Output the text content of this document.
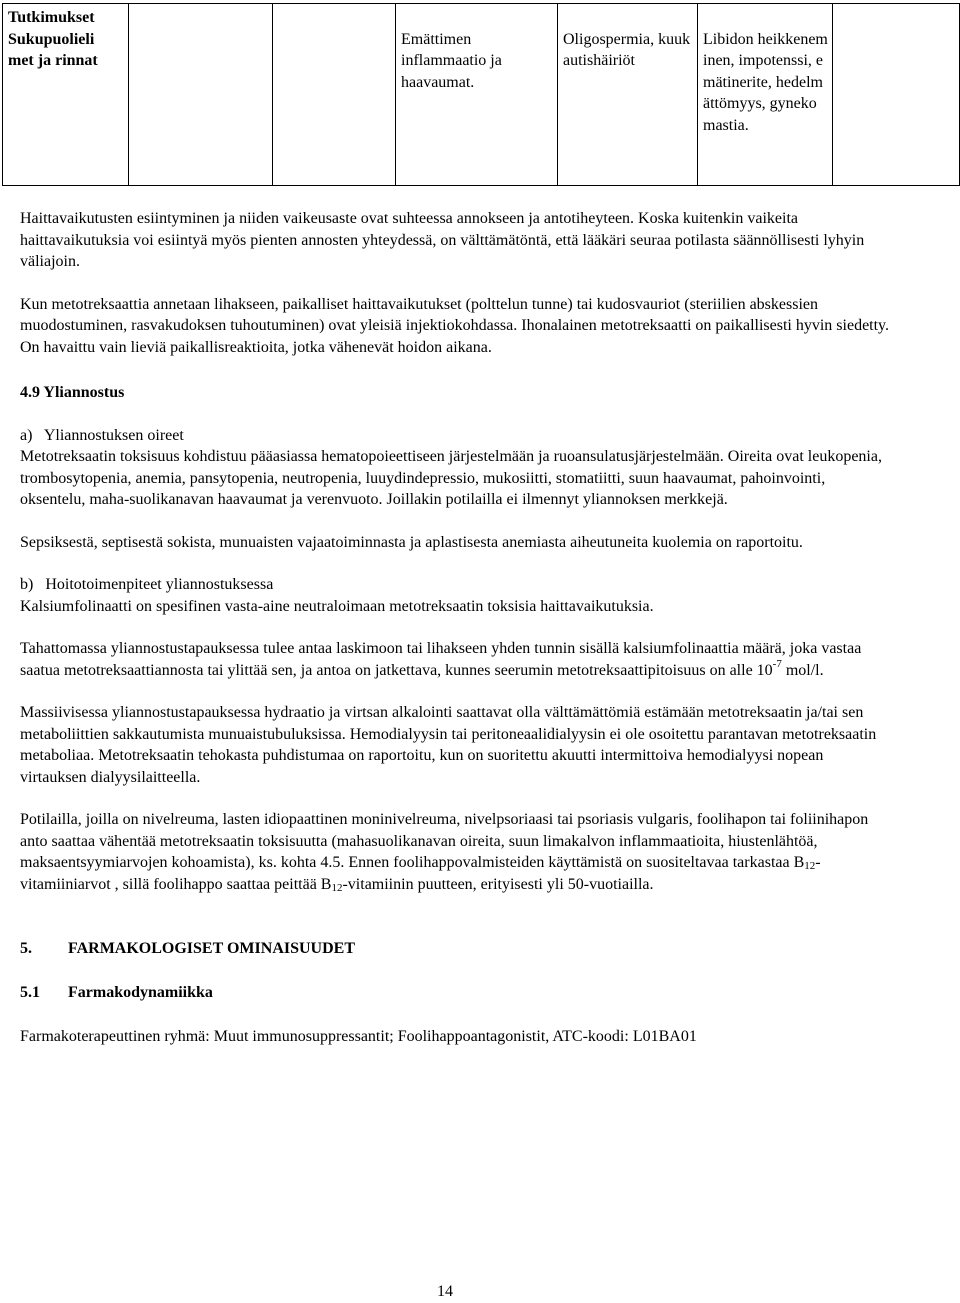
Tutkimukset						

Sukupuolieli
met ja rinnat			Emättimen inflammaatio ja haavaumat.	Oligospermia, kuukautishäiriöt	Libidon heikkeneminen, impotenssi, emätinerite, hedelmättömyys, gynekomastia.	

Haittavaikutusten esiintyminen ja niiden vaikeusaste ovat suhteessa annokseen ja antotiheyteen. Koska kuitenkin vaikeita haittavaikutuksia voi esiintyä myös pienten annosten yhteydessä, on välttämätöntä, että lääkäri seuraa potilasta säännöllisesti lyhyin väliajoin.

Kun metotreksaattia annetaan lihakseen, paikalliset haittavaikutukset (polttelun tunne) tai kudosvauriot (steriilien abskessien muodostuminen, rasvakudoksen tuhoutuminen) ovat yleisiä injektiokohdassa. Ihonalainen metotreksaatti on paikallisesti hyvin siedetty. On havaittu vain lieviä paikallisreaktioita, jotka vähenevät hoidon aikana.

4.9 Yliannostus

a)   Yliannostuksen oireet

Metotreksaatin toksisuus kohdistuu pääasiassa hematopoieettiseen järjestelmään ja ruoansulatusjärjestelmään. Oireita ovat leukopenia, trombosytopenia, anemia, pansytopenia, neutropenia, luuydindepressio, mukosiitti, stomatiitti, suun haavaumat, pahoinvointi, oksentelu, maha-suolikanavan haavaumat ja verenvuoto. Joillakin potilailla ei ilmennyt yliannoksen merkkejä.

Sepsiksestä, septisestä sokista, munuaisten vajaatoiminnasta ja aplastisesta anemiasta aiheutuneita kuolemia on raportoitu.

b)   Hoitotoimenpiteet yliannostuksessa

Kalsiumfolinaatti on spesifinen vasta-aine neutraloimaan metotreksaatin toksisia haittavaikutuksia.

Tahattomassa yliannostustapauksessa tulee antaa laskimoon tai lihakseen yhden tunnin sisällä kalsiumfolinaattia määrä, joka vastaa saatua metotreksaattiannosta tai ylittää sen, ja antoa on jatkettava, kunnes seerumin metotreksaattipitoisuus on alle $10^{-7}$ mol/l.

Massiivisessa yliannostustapauksessa hydraatio ja virtsan alkalointi saattavat olla välttämättömiä estämään metotreksaatin ja/tai sen metaboliittien sakkautumista munuaistubuluksissa. Hemodialyysin tai peritoneaalidialyysin ei ole osoitettu parantavan metotreksaatin metaboliaa. Metotreksaatin tehokasta puhdistumaa on raportoitu, kun on suoritettu akuutti intermittoiva hemodialyysi nopean virtauksen dialyysilaitteella.

Potilailla, joilla on nivelreuma, lasten idiopaattinen moninivelreuma, nivelpsoriaasi tai psoriasis vulgaris, foolihapon tai foliinihapon anto saattaa vähentää metotreksaatin toksisuutta (mahasuolikanavan oireita, suun limakalvon inflammaatioita, hiustenlähtöä, maksaentsyymiarvojen kohoamista), ks. kohta 4.5. Ennen foolihappovalmisteiden käyttämistä on suositeltavaa tarkastaa $B_{12}$-vitamiiniarvot , sillä foolihappo saattaa peittää $B_{12}$-vitamiinin puutteen, erityisesti yli 50-vuotiailla.

5. FARMAKOLOGISET OMINAISUUDET

5.1 Farmakodynamiikka

Farmakoterapeuttinen ryhmä: Muut immunosuppressantit; Foolihappoantagonistit, ATC-koodi: L01BA01

14
